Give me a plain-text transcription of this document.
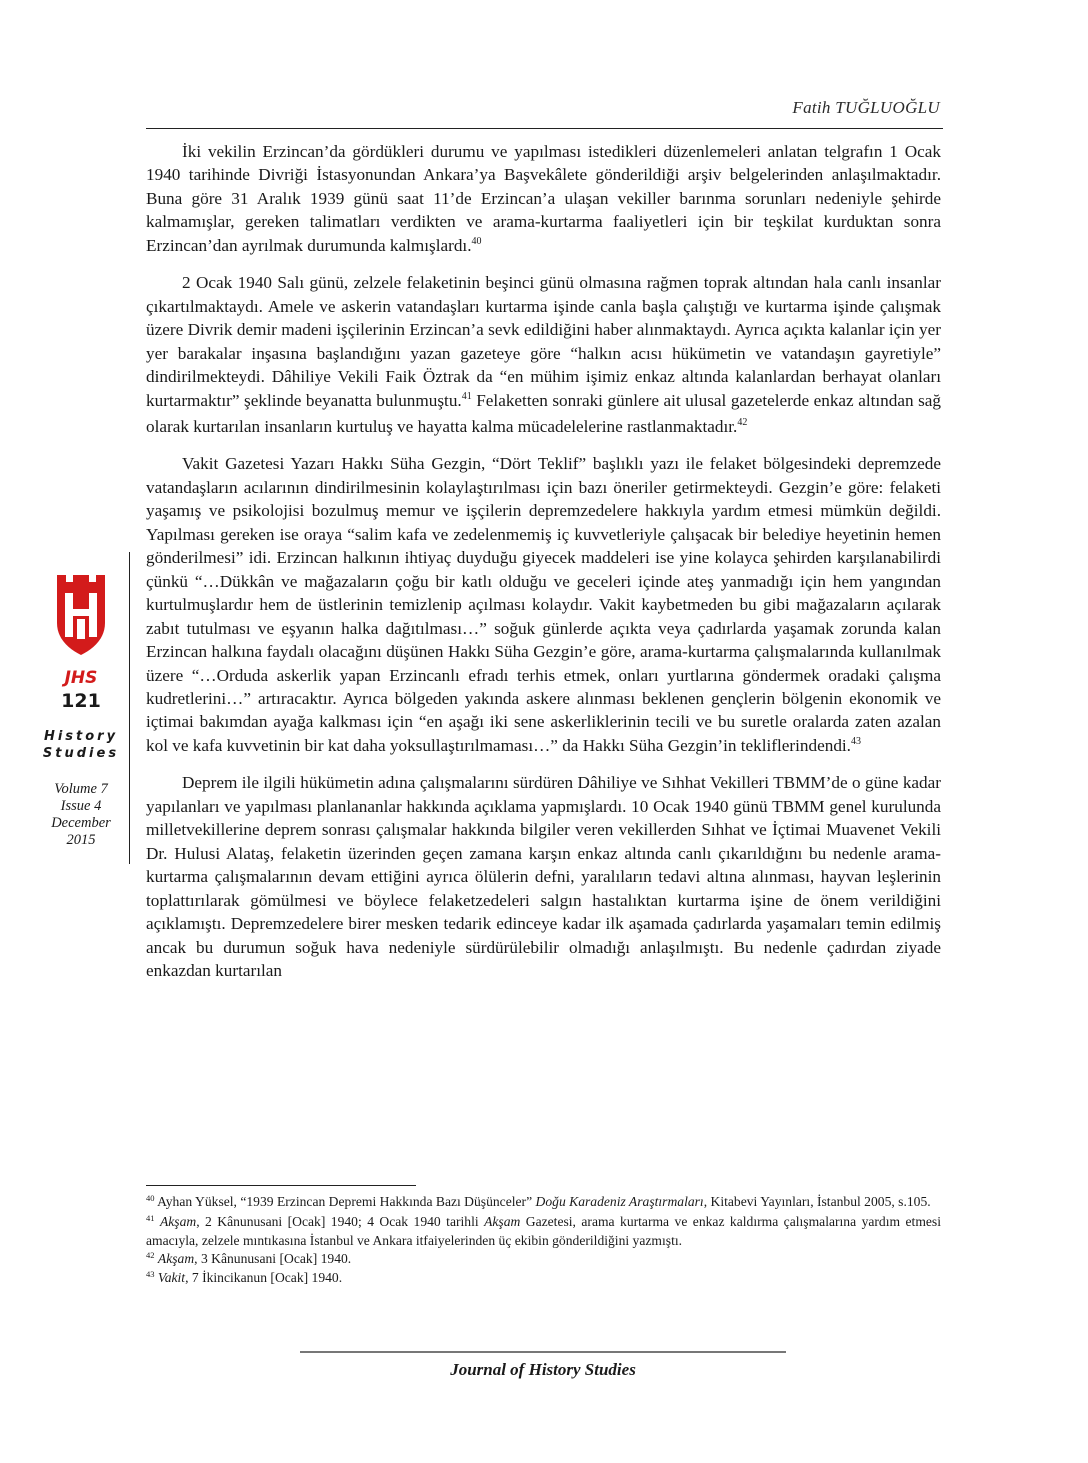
Fatih TUĞLUOĞLU

İki vekilin Erzincan’da gördükleri durumu ve yapılması istedikleri düzenlemeleri anlatan telgrafın 1 Ocak 1940 tarihinde Divriği İstasyonundan Ankara’ya Başvekâlete gönderildiği arşiv belgelerinden anlaşılmaktadır. Buna göre 31 Aralık 1939 günü saat 11’de Erzincan’a ulaşan vekiller barınma sorunları nedeniyle şehirde kalmamışlar, gereken talimatları verdikten ve arama-kurtarma faaliyetleri için bir teşkilat kurduktan sonra Erzincan’dan ayrılmak durumunda kalmışlardı.$^{40}$

2 Ocak 1940 Salı günü, zelzele felaketinin beşinci günü olmasına rağmen toprak altından hala canlı insanlar çıkartılmaktaydı. Amele ve askerin vatandaşları kurtarma işinde canla başla çalıştığı ve kurtarma işinde çalışmak üzere Divrik demir madeni işçilerinin Erzincan’a sevk edildiğini haber alınmaktaydı. Ayrıca açıkta kalanlar için yer yer barakalar inşasına başlandığını yazan gazeteye göre “halkın acısı hükümetin ve vatandaşın gayretiyle” dindirilmekteydi. Dâhiliye Vekili Faik Öztrak da “en mühim işimiz enkaz altında kalanlardan berhayat olanları kurtarmaktır” şeklinde beyanatta bulunmuştu.$^{41}$ Felaketten sonraki günlere ait ulusal gazetelerde enkaz altından sağ olarak kurtarılan insanların kurtuluş ve hayatta kalma mücadelelerine rastlanmaktadır.$^{42}$

Vakit Gazetesi Yazarı Hakkı Süha Gezgin, “Dört Teklif” başlıklı yazı ile felaket bölgesindeki depremzede vatandaşların acılarının dindirilmesinin kolaylaştırılması için bazı öneriler getirmekteydi. Gezgin’e göre: felaketi yaşamış ve psikolojisi bozulmuş memur ve işçilerin depremzedelere hakkıyla yardım etmesi mümkün değildi. Yapılması gereken ise oraya “salim kafa ve zedelenmemiş iç kuvvetleriyle çalışacak bir belediye heyetinin hemen gönderilmesi” idi. Erzincan halkının ihtiyaç duyduğu giyecek maddeleri ise yine kolayca şehirden karşılanabilirdi çünkü “…Dükkân ve mağazaların çoğu bir katlı olduğu ve geceleri içinde ateş yanmadığı için hem yangından kurtulmuşlardır hem de üstlerinin temizlenip açılması kolaydır. Vakit kaybetmeden bu gibi mağazaların açılarak zabıt tutulması ve eşyanın halka dağıtılması…” soğuk günlerde açıkta veya çadırlarda yaşamak zorunda kalan Erzincan halkına faydalı olacağını düşünen Hakkı Süha Gezgin’e göre, arama-kurtarma çalışmalarında kullanılmak üzere “…Orduda askerlik yapan Erzincanlı efradı terhis etmek, onları yurtlarına göndermek oradaki çalışma kudretlerini…” artıracaktır. Ayrıca bölgeden yakında askere alınması beklenen gençlerin bölgenin ekonomik ve içtimai bakımdan ayağa kalkması için “en aşağı iki sene askerliklerinin tecili ve bu suretle oralarda zaten azalan kol ve kafa kuvvetinin bir kat daha yoksullaştırılmaması…” da Hakkı Süha Gezgin’in tekliflerindendi.$^{43}$

Deprem ile ilgili hükümetin adına çalışmalarını sürdüren Dâhiliye ve Sıhhat Vekilleri TBMM’de o güne kadar yapılanları ve yapılması planlananlar hakkında açıklama yapmışlardı. 10 Ocak 1940 günü TBMM genel kurulunda milletvekillerine deprem sonrası çalışmalar hakkında bilgiler veren vekillerden Sıhhat ve İçtimai Muavenet Vekili Dr. Hulusi Alataş, felaketin üzerinden geçen zamana karşın enkaz altında canlı çıkarıldığını bu nedenle arama-kurtarma çalışmalarının devam ettiğini ayrıca ölülerin defni, yaralıların tedavi altına alınması, hayvan leşlerinin toplattırılarak gömülmesi ve böylece felaketzedeleri salgın hastalıktan kurtarma işine de önem verildiğini açıklamıştı. Depremzedelere birer mesken tedarik edinceye kadar ilk aşamada çadırlarda yaşamaları temin edilmiş ancak bu durumun soğuk hava nedeniyle sürdürülebilir olmadığı anlaşılmıştı. Bu nedenle çadırdan ziyade enkazdan kurtarılan

JHS
121
History
Studies
Volume 7
Issue 4
December
2015

$^{40}$ Ayhan Yüksel, “1939 Erzincan Depremi Hakkında Bazı Düşünceler” Doğu Karadeniz Araştırmaları, Kitabevi Yayınları, İstanbul 2005, s.105.

$^{41}$ Akşam, 2 Kânunusani [Ocak] 1940; 4 Ocak 1940 tarihli Akşam Gazetesi, arama kurtarma ve enkaz kaldırma çalışmalarına yardım etmesi amacıyla, zelzele mıntıkasına İstanbul ve Ankara itfaiyelerinden üç ekibin gönderildiğini yazmıştı.

$^{42}$ Akşam, 3 Kânunusani [Ocak] 1940.

$^{43}$ Vakit, 7 İkincikanun [Ocak] 1940.

Journal of History Studies
